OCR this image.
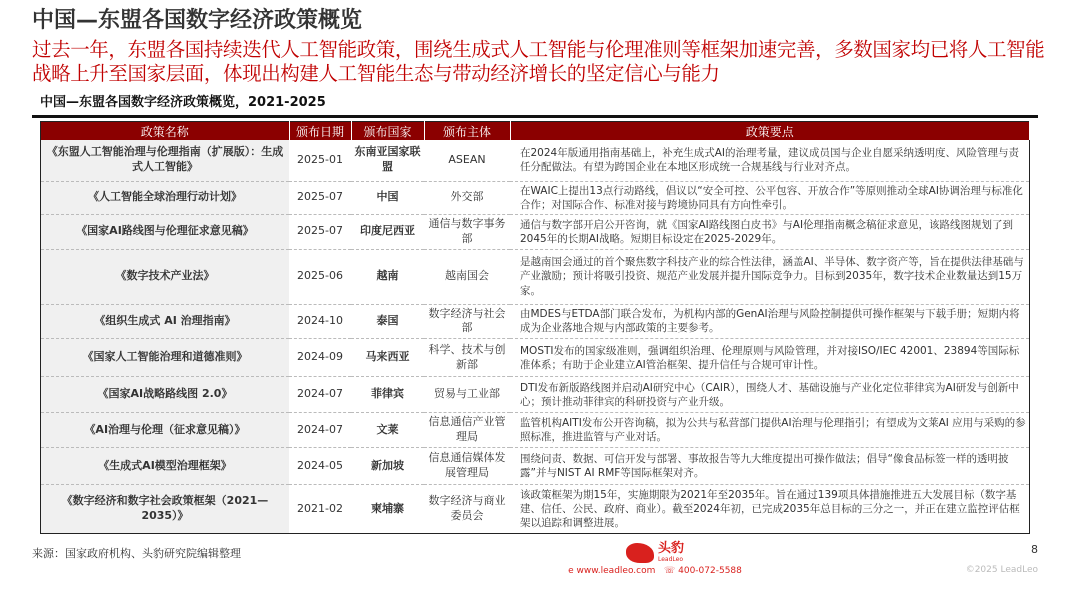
中国—东盟各国数字经济政策概览
过去一年，东盟各国持续迭代人工智能政策，围绕生成式人工智能与伦理准则等框架加速完善，多数国家均已将人工智能战略上升至国家层面，体现出构建人工智能生态与带动经济增长的坚定信心与能力
中国—东盟各国数字经济政策概览，2021-2025
政策名称	颁布日期	颁布国家	颁布主体	政策要点
《东盟人工智能治理与伦理指南（扩展版）：生成式人工智能》	2025-01	东南亚国家联盟	ASEAN	在2024年版通用指南基础上，补充生成式AI的治理考量，建议成员国与企业自愿采纳透明度、风险管理与责任分配做法。有望为跨国企业在本地区形成统一合规基线与行业对齐点。
《人工智能全球治理行动计划》	2025-07	中国	外交部	在WAIC上提出13点行动路线，倡议以“安全可控、公平包容、开放合作”等原则推动全球AI协调治理与标准化合作；对国际合作、标准对接与跨境协同具有方向性牵引。
《国家AI路线图与伦理征求意见稿》	2025-07	印度尼西亚	通信与数字事务部	通信与数字部开启公开咨询，就《国家AI路线图白皮书》与AI伦理指南概念稿征求意见，该路线图规划了到2045年的长期AI战略。短期目标设定在2025-2029年。
《数字技术产业法》	2025-06	越南	越南国会	是越南国会通过的首个聚焦数字科技产业的综合性法律，涵盖AI、半导体、数字资产等，旨在提供法律基础与产业激励；预计将吸引投资、规范产业发展并提升国际竞争力。目标到2035年，数字技术企业数量达到15万家。
《组织生成式 AI 治理指南》	2024-10	泰国	数字经济与社会部	由MDES与ETDA部门联合发布，为机构内部的GenAI治理与风险控制提供可操作框架与下载手册；短期内将成为企业落地合规与内部政策的主要参考。
《国家人工智能治理和道德准则》	2024-09	马来西亚	科学、技术与创新部	MOSTI发布的国家级准则，强调组织治理、伦理原则与风险管理，并对接ISO/IEC 42001、23894等国际标准体系；有助于企业建立AI管治框架、提升信任与合规可审计性。
《国家AI战略路线图 2.0》	2024-07	菲律宾	贸易与工业部	DTI发布新版路线图并启动AI研究中心（CAIR），围绕人才、基础设施与产业化定位菲律宾为AI研发与创新中心；预计推动菲律宾的科研投资与产业升级。
《AI治理与伦理（征求意见稿）》	2024-07	文莱	信息通信产业管理局	监管机构AITI发布公开咨询稿，拟为公共与私营部门提供AI治理与伦理指引；有望成为文莱AI 应用与采购的参照标准，推进监管与产业对话。
《生成式AI模型治理框架》	2024-05	新加坡	信息通信媒体发展管理局	围绕问责、数据、可信开发与部署、事故报告等九大维度提出可操作做法；倡导“像食品标签一样的透明披露”并与NIST AI RMF等国际框架对齐。
《数字经济和数字社会政策框架（2021—2035）》	2021-02	柬埔寨	数字经济与商业委员会	该政策框架为期15年，实施期限为2021年至2035年。旨在通过139项具体措施推进五大发展目标（数字基建、信任、公民、政府、商业）。截至2024年初，已完成2035年总目标的三分之一，并正在建立监控评估框架以追踪和调整进展。
来源：国家政府机构、头豹研究院编辑整理	头豹
LeadLeo
e www.leadleo.com ☏ 400-072-5588
8
©2025 LeadLeo
